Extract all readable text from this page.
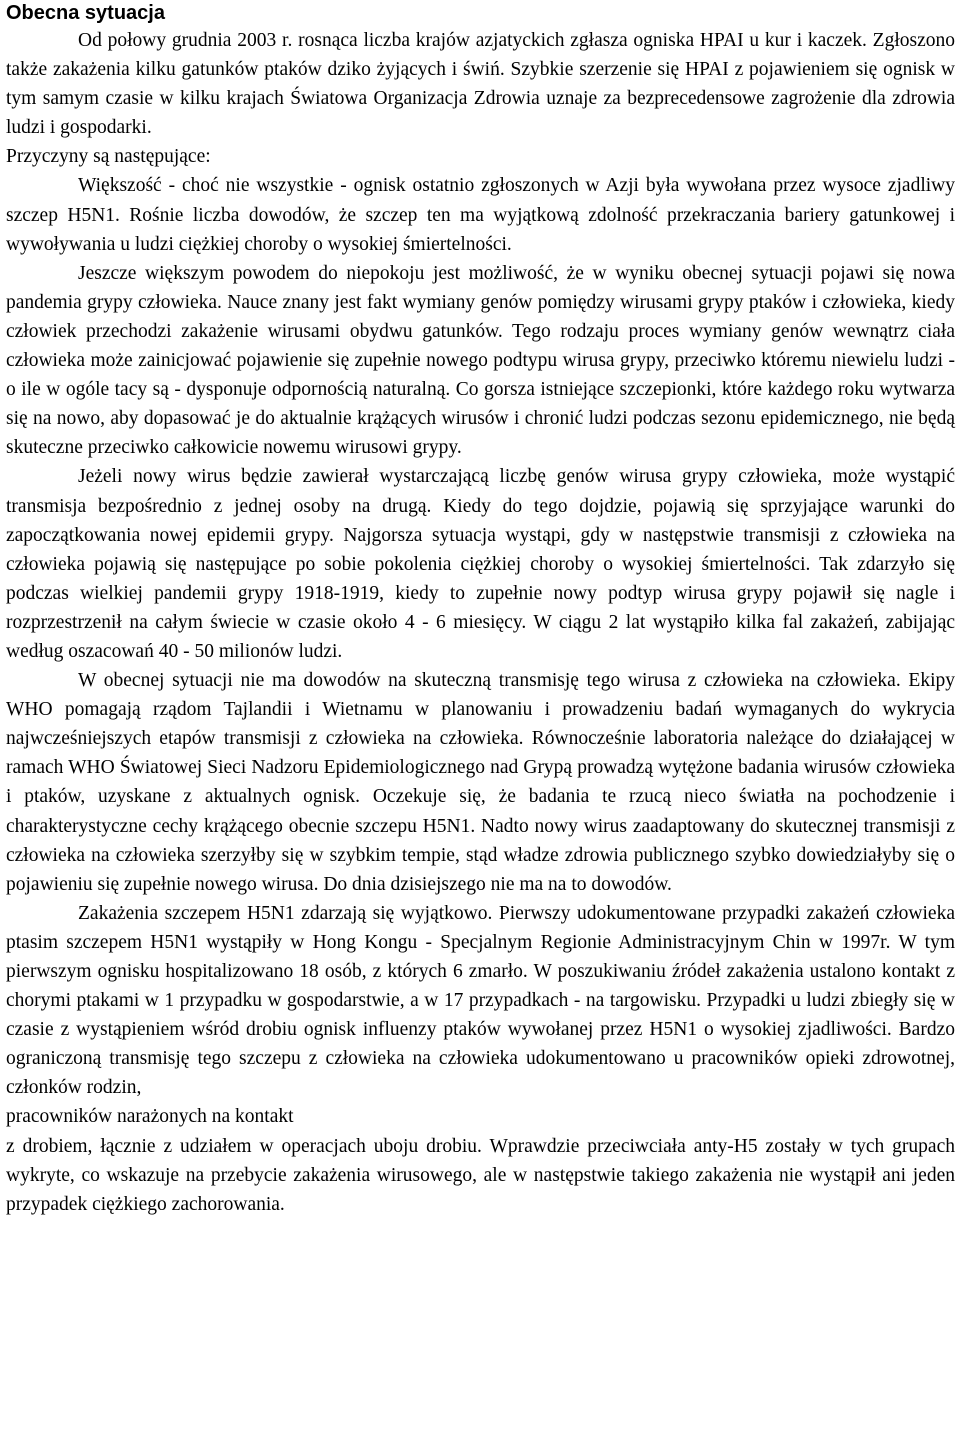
Obecna sytuacja

Od połowy grudnia 2003 r. rosnąca liczba krajów azjatyckich zgłasza ogniska HPAI u kur i kaczek. Zgłoszono także zakażenia kilku gatunków ptaków dziko żyjących i świń. Szybkie szerzenie się HPAI z pojawieniem się ognisk w tym samym czasie w kilku krajach Światowa Organizacja Zdrowia uznaje za bezprecedensowe zagrożenie dla zdrowia ludzi i gospodarki.

Przyczyny są następujące:

Większość - choć nie wszystkie - ognisk ostatnio zgłoszonych w Azji była wywołana przez wysoce zjadliwy szczep H5N1. Rośnie liczba dowodów, że szczep ten ma wyjątkową zdolność przekraczania bariery gatunkowej i wywoływania u ludzi ciężkiej choroby o wysokiej śmiertelności.

Jeszcze większym powodem do niepokoju jest możliwość, że w wyniku obecnej sytuacji pojawi się nowa pandemia grypy człowieka. Nauce znany jest fakt wymiany genów pomiędzy wirusami grypy ptaków i człowieka, kiedy człowiek przechodzi zakażenie wirusami obydwu gatunków. Tego rodzaju proces wymiany genów wewnątrz ciała człowieka może zainicjować pojawienie się zupełnie nowego podtypu wirusa grypy, przeciwko któremu niewielu ludzi - o ile w ogóle tacy są - dysponuje odpornością naturalną. Co gorsza istniejące szczepionki, które każdego roku wytwarza się na nowo, aby dopasować je do aktualnie krążących wirusów i chronić ludzi podczas sezonu epidemicznego, nie będą skuteczne przeciwko całkowicie nowemu wirusowi grypy.

Jeżeli nowy wirus będzie zawierał wystarczającą liczbę genów wirusa grypy człowieka, może wystąpić transmisja bezpośrednio z jednej osoby na drugą. Kiedy do tego dojdzie, pojawią się sprzyjające warunki do zapoczątkowania nowej epidemii grypy. Najgorsza sytuacja wystąpi, gdy w następstwie transmisji z człowieka na człowieka pojawią się następujące po sobie pokolenia ciężkiej choroby o wysokiej śmiertelności. Tak zdarzyło się podczas wielkiej pandemii grypy 1918-1919, kiedy to zupełnie nowy podtyp wirusa grypy pojawił się nagle i rozprzestrzenił na całym świecie w czasie około 4 - 6 miesięcy. W ciągu 2 lat wystąpiło kilka fal zakażeń, zabijając według oszacowań 40 - 50 milionów ludzi.

W obecnej sytuacji nie ma dowodów na skuteczną transmisję tego wirusa z człowieka na człowieka. Ekipy WHO pomagają rządom Tajlandii i Wietnamu w planowaniu i prowadzeniu badań wymaganych do wykrycia najwcześniejszych etapów transmisji z człowieka na człowieka. Równocześnie laboratoria należące do działającej w ramach WHO Światowej Sieci Nadzoru Epidemiologicznego nad Grypą prowadzą wytężone badania wirusów człowieka i ptaków, uzyskane z aktualnych ognisk. Oczekuje się, że badania te rzucą nieco światła na pochodzenie i charakterystyczne cechy krążącego obecnie szczepu H5N1. Nadto nowy wirus zaadaptowany do skutecznej transmisji z człowieka na człowieka szerzyłby się w szybkim tempie, stąd władze zdrowia publicznego szybko dowiedziałyby się o pojawieniu się zupełnie nowego wirusa. Do dnia dzisiejszego nie ma na to dowodów.

Zakażenia szczepem H5N1 zdarzają się wyjątkowo. Pierwszy udokumentowane przypadki zakażeń człowieka ptasim szczepem H5N1 wystąpiły w Hong Kongu - Specjalnym Regionie Administracyjnym Chin w 1997r. W tym pierwszym ognisku hospitalizowano 18 osób, z których 6 zmarło. W poszukiwaniu źródeł zakażenia ustalono kontakt z chorymi ptakami w 1 przypadku w gospodarstwie, a w 17 przypadkach - na targowisku. Przypadki u ludzi zbiegły się w czasie z wystąpieniem wśród drobiu ognisk influenzy ptaków wywołanej przez H5N1 o wysokiej zjadliwości. Bardzo ograniczoną transmisję tego szczepu z człowieka na człowieka udokumentowano u pracowników opieki zdrowotnej, członków rodzin,

pracowników narażonych na kontakt

z drobiem, łącznie z udziałem w operacjach uboju drobiu. Wprawdzie przeciwciała anty-H5 zostały w tych grupach wykryte, co wskazuje na przebycie zakażenia wirusowego, ale w następstwie takiego zakażenia nie wystąpił ani jeden przypadek ciężkiego zachorowania.
